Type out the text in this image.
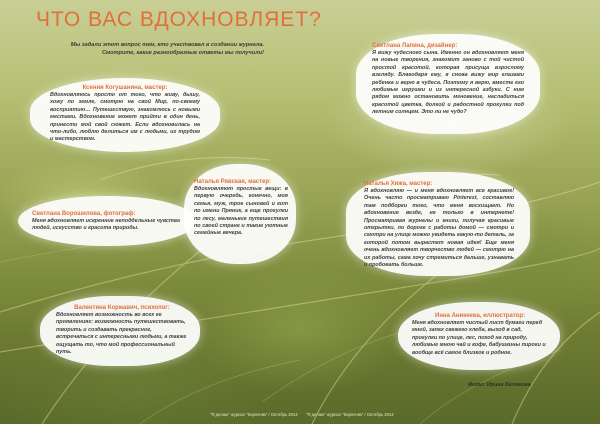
ЧТО ВАС ВДОХНОВЛЯЕТ?
Мы задали этот вопрос тем, кто участвовал в создании журнала. Смотрите, какие разнообразные ответы мы получили!
Ксения Когушанина, мастер:
Вдохновляюсь просто от того, что живу, дышу, хожу по земле, смотрю на свой Мир, по-своему восприятию… Путешествую, знакомлюсь с новыми местами. Вдохновение может прийти в один день, принести мой свой сюжет. Если вдохновилась на что-либо, люблю делиться им с людьми, их трудом и мастерством.
Светлана Ворошилова, фотограф:
Меня вдохновляет искренние неподдельные чувства людей, искусство и красота природы.
Наталья Рявская, мастер:
Вдохновляют простые вещи: в первую очередь, конечно, моя семья, муж, трое сыновей и кот по имени Пряник, а еще прогулки по лесу, маленькие путешествия по своей стране и такие уютные семейные вечера.
Валентина Коржавич, психолог:
Вдохновляет возможность во всех ее проявлениях: возможность путешествовать, творить и создавать прекрасное, встречаться с интересными людьми, а также ощущать то, что мой профессиональный путь.
Светлана Лапина, дизайнер:
Я вижу чудесного сына. Именно он вдохновляет меня на новые творения, знакомит заново с той чистой простой красотой, которая присуща взрослому взгляду. Благодаря ему, я снова вижу мир глазами ребенка и верю в чудеса. Поэтому я верю, вместе его любимые игрушки и из интересной азбуки. С ним рядом можно остановить мгновение, насладиться красотой цветка, долгой и радостной прогулки под летним солнцем. Это ли не чудо?
Наталья Хижа, мастер:
Я вдохновляю — и меня вдохновляет все красивое! Очень часто просматриваю Pinterest, составляю там подборки того, что меня восхищает. Но вдохновение везде, не только в интернете! Просматривая журналы и книги, получая красивые открытки, по дороге с работы домой — смотри и смотри на улице можно увидеть какую-то деталь, за которой потом вырастет новая идея! Еще меня очень вдохновляет творчество людей — смотрю на их работы, сама хочу стремиться дальше, узнавать и пробовать больше.
Инна Аникеева, иллюстратор:
Меня вдохновляет чистый лист бумаги перед мной, запах свежего хлеба, выход в сад, прогулки по улице, лес, поход на природу, любимые мною чай и кофе, бабушкины пироги и вообще всё самое близкое и родное.
Фото: Ирина Белякова
"Я делаю" журнал "Кирпичик" / Октябрь 2014 "Я делаю" журнал "Кирпичик" / Октябрь 2014
